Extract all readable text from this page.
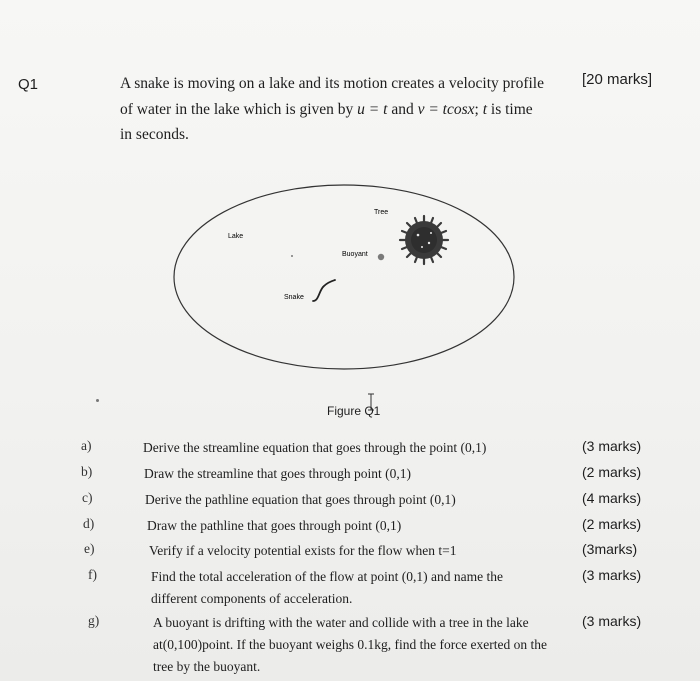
Q1	A snake is moving on a lake and its motion creates a velocity profile
of water in the lake which is given by u = t and v = tcosx; t is time
in seconds.
[20 marks]
Lake
Tree
Buoyant
Snake
Figure Q1
a)	Derive the streamline equation that goes through the point (0,1)	(3 marks)
b)	Draw the streamline that goes through point (0,1)	(2 marks)
c)	Derive the pathline equation that goes through point (0,1)	(4 marks)
d)	Draw the pathline that goes through point (0,1)	(2 marks)
e)	Verify if a velocity potential exists for the flow when t=1	(3marks)
f)	Find the total acceleration of the flow at point (0,1) and name the different components of acceleration.
(3 marks)
g)	A buoyant is drifting with the water and collide with a tree in the lake at(0,100)point. If the buoyant weighs 0.1kg, find the force exerted on the tree by the buoyant.
(3 marks)
